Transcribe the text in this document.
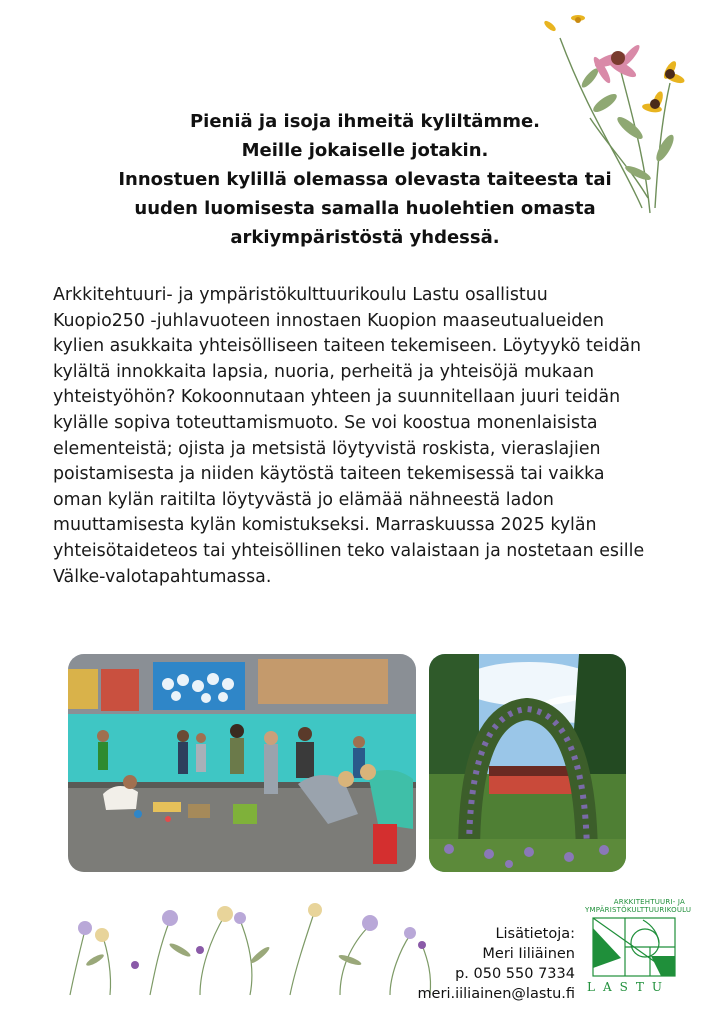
Pieniä ja isoja ihmeitä kyliltämme.
Meille jokaiselle jotakin.
Innostuen kylillä olemassa olevasta taiteesta tai
uuden luomisesta samalla huolehtien omasta
arkiympäristöstä yhdessä.
Arkkitehtuuri- ja ympäristökulttuurikoulu Lastu osallistuu
Kuopio250 -juhlavuoteen innostaen Kuopion maaseutualueiden
kylien asukkaita yhteisölliseen taiteen tekemiseen. Löytyykö teidän
kylältä innokkaita lapsia, nuoria, perheitä ja yhteisöjä mukaan
yhteistyöhön? Kokoonnutaan yhteen ja suunnitellaan juuri teidän
kylälle sopiva toteuttamismuoto. Se voi koostua monenlaisista
elementeistä; ojista ja metsistä löytyvistä roskista, vieraslajien
poistamisesta ja niiden käytöstä taiteen tekemisessä tai vaikka
oman kylän raitilta löytyvästä jo elämää nähneestä ladon
muuttamisesta kylän komistukseksi. Marraskuussa 2025 kylän
yhteisötaideteos tai yhteisöllinen teko valaistaan ja nostetaan esille
Välke-valotapahtumassa.
Lisätietoja:
Meri Iiliäinen
p. 050 550 7334
meri.iiliainen@lastu.fi
ARKKITEHTUURI- JA
YMPÄRISTÖKULTTUURIKOULU
LASTU
